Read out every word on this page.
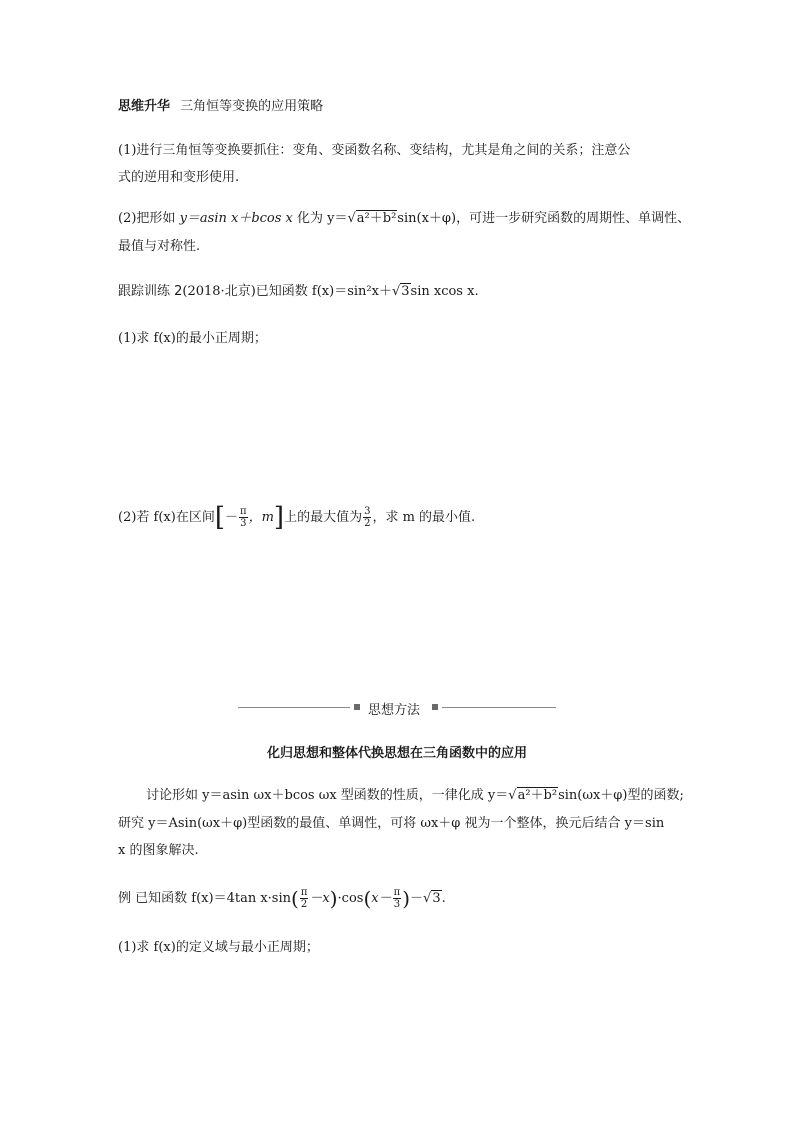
思维升华 三角恒等变换的应用策略
(1)进行三角恒等变换要抓住：变角、变函数名称、变结构，尤其是角之间的关系；注意公
式的逆用和变形使用.
(2)把形如 y＝asin x＋bcos x 化为 y＝√a²＋b²sin(x＋φ)，可进一步研究函数的周期性、单调性、
最值与对称性.
跟踪训练 2(2018·北京)已知函数 f(x)＝sin²x＋√3sin xcos x.
(1)求 f(x)的最小正周期；
(2)若 f(x)在区间[－ $\frac{\pi}{3}$ ，m]上的最大值为 $\frac{3}{2}$ ，求 m 的最小值.
思想方法
化归思想和整体代换思想在三角函数中的应用
讨论形如 y＝asin ωx＋bcos ωx 型函数的性质，一律化成 y＝√a²＋b²sin(ωx＋φ)型的函数;
研究 y＝Asin(ωx＋φ)型函数的最值、单调性，可将 ωx＋φ 视为一个整体，换元后结合 y＝sin
x 的图象解决.
例 已知函数 f(x)＝4tan $x\cdot\sin( \frac{\pi}{2} -x)\cdot\cos(x- \frac{\pi}{3} )-√3$.
(1)求 f(x)的定义域与最小正周期；
